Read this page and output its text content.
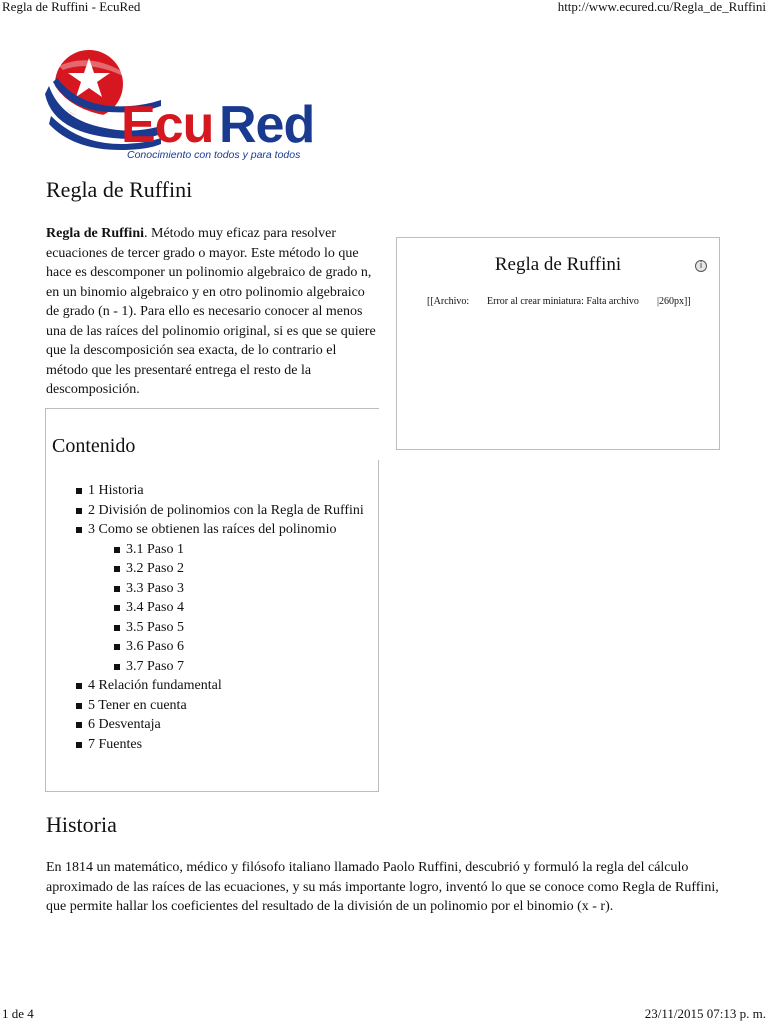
Regla de Ruffini - EcuRed	http://www.ecured.cu/Regla_de_Ruffini
Ecu Red
Conocimiento con todos y para todos
Regla de Ruffini

Regla de Ruffini. Método muy eficaz para resolver ecuaciones de tercer grado o mayor. Este método lo que hace es descomponer un polinomio algebraico de grado n, en un binomio algebraico y en otro polinomio algebraico de grado (n - 1). Para ello es necesario conocer al menos una de las raíces del polinomio original, si es que se quiere que la descomposición sea exacta, de lo contrario el método que les presentaré entrega el resto de la descomposición.

Regla de Ruffini	i
[[Archivo: Error al crear miniatura: Falta archivo |260px]]
Contenido
1 Historia
2 División de polinomios con la Regla de Ruffini
3 Como se obtienen las raíces del polinomio
3.1 Paso 1
3.2 Paso 2
3.3 Paso 3
3.4 Paso 4
3.5 Paso 5
3.6 Paso 6
3.7 Paso 7
4 Relación fundamental
5 Tener en cuenta
6 Desventaja
7 Fuentes
Historia

En 1814 un matemático, médico y filósofo italiano llamado Paolo Ruffini, descubrió y formuló la regla del cálculo aproximado de las raíces de las ecuaciones, y su más importante logro, inventó lo que se conoce como Regla de Ruffini, que permite hallar los coeficientes del resultado de la división de un polinomio por el binomio (x - r).

1 de 4	23/11/2015 07:13 p. m.
